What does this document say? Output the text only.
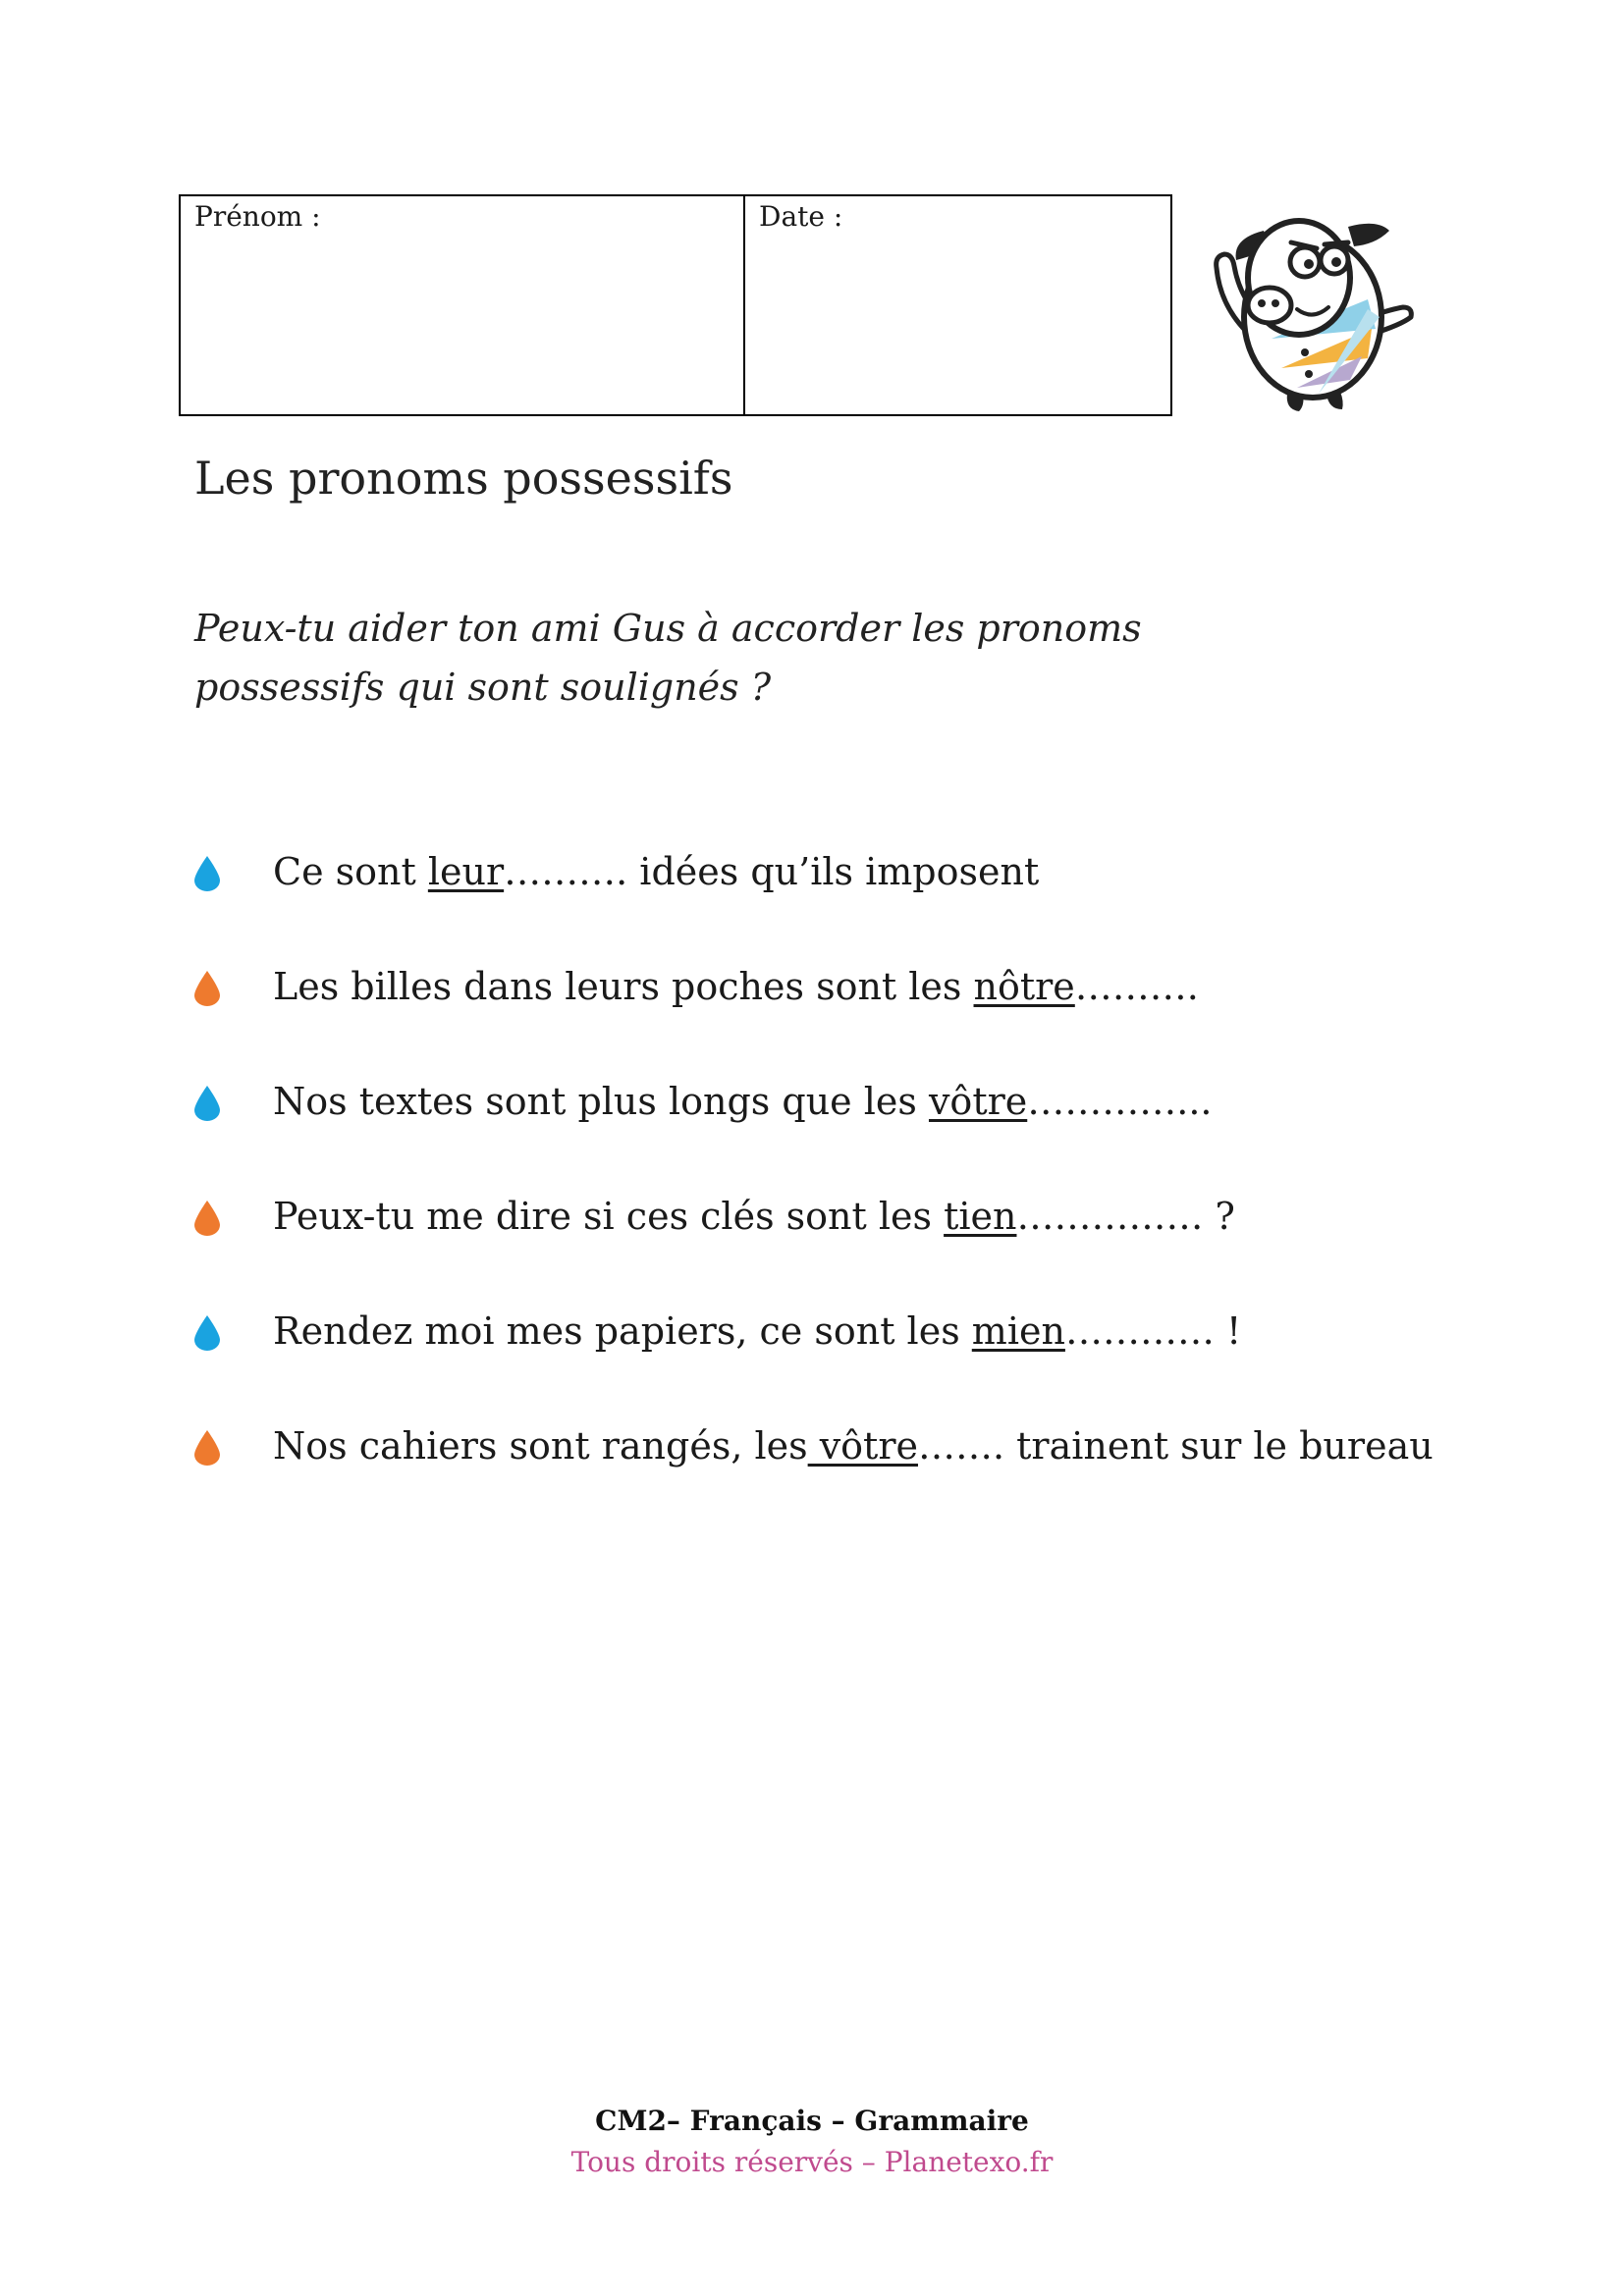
Prénom :	Date :
Les pronoms possessifs

Peux-tu aider ton ami Gus à accorder les pronoms possessifs qui sont soulignés ?

Ce sont leur………. idées qu’ils imposent
Les billes dans leurs poches sont les nôtre……….
Nos textes sont plus longs que les vôtre…………...
Peux-tu me dire si ces clés sont les tien…………… ?
Rendez moi mes papiers, ce sont les mien………… !
Nos cahiers sont rangés, les vôtre……. trainent sur le bureau
CM2– Français – Grammaire
Tous droits réservés – Planetexo.fr
